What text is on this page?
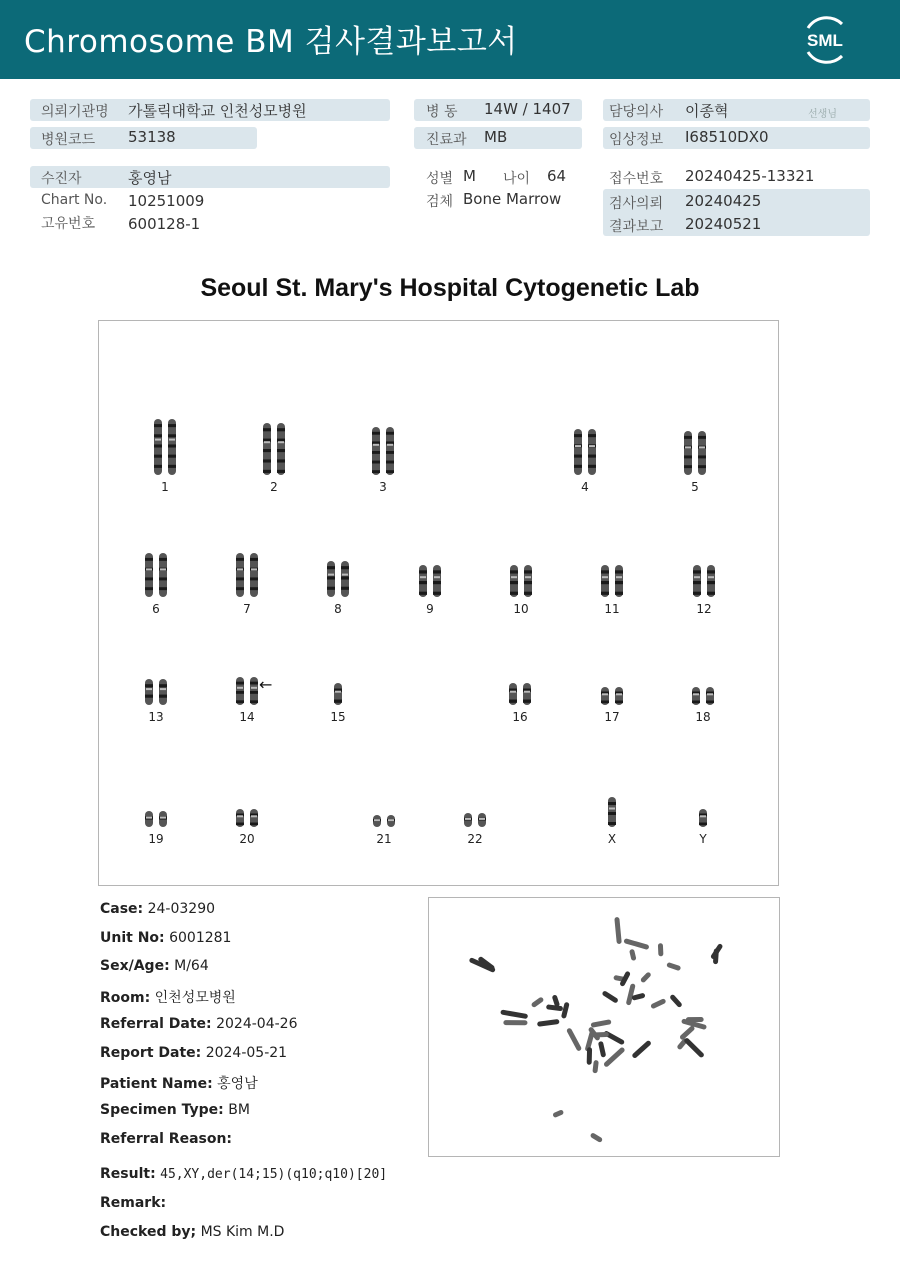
Chromosome BM 검사결과보고서	SML
의뢰기관명 가톨릭대학교 인천성모병원
병원코드 53138
수진자	홍영남
Chart No. 10251009
고유번호 600128-1
병 동 14W / 1407
진료과 MB
성별 M 나이 64
검체 Bone Marrow
담당의사 이종혁	선생님
임상정보 I68510DX0
접수번호 20240425-13321
검사의뢰 20240425
결과보고 20240521
Seoul St. Mary's Hospital Cytogenetic Lab
1	2	3	4	5
6	7	8	9	10	11	12
13	14	15	16	17	18
19	20	21	22	X	Y
←
Case: 24-03290
Unit No: 6001281
Sex/Age: M/64
Room: 인천성모병원
Referral Date: 2024-04-26
Report Date: 2024-05-21
Patient Name: 홍영남
Specimen Type: BM
Referral Reason:
Result: 45,XY,der(14;15)(q10;q10)[20]
Remark:
Checked by; MS Kim M.D
